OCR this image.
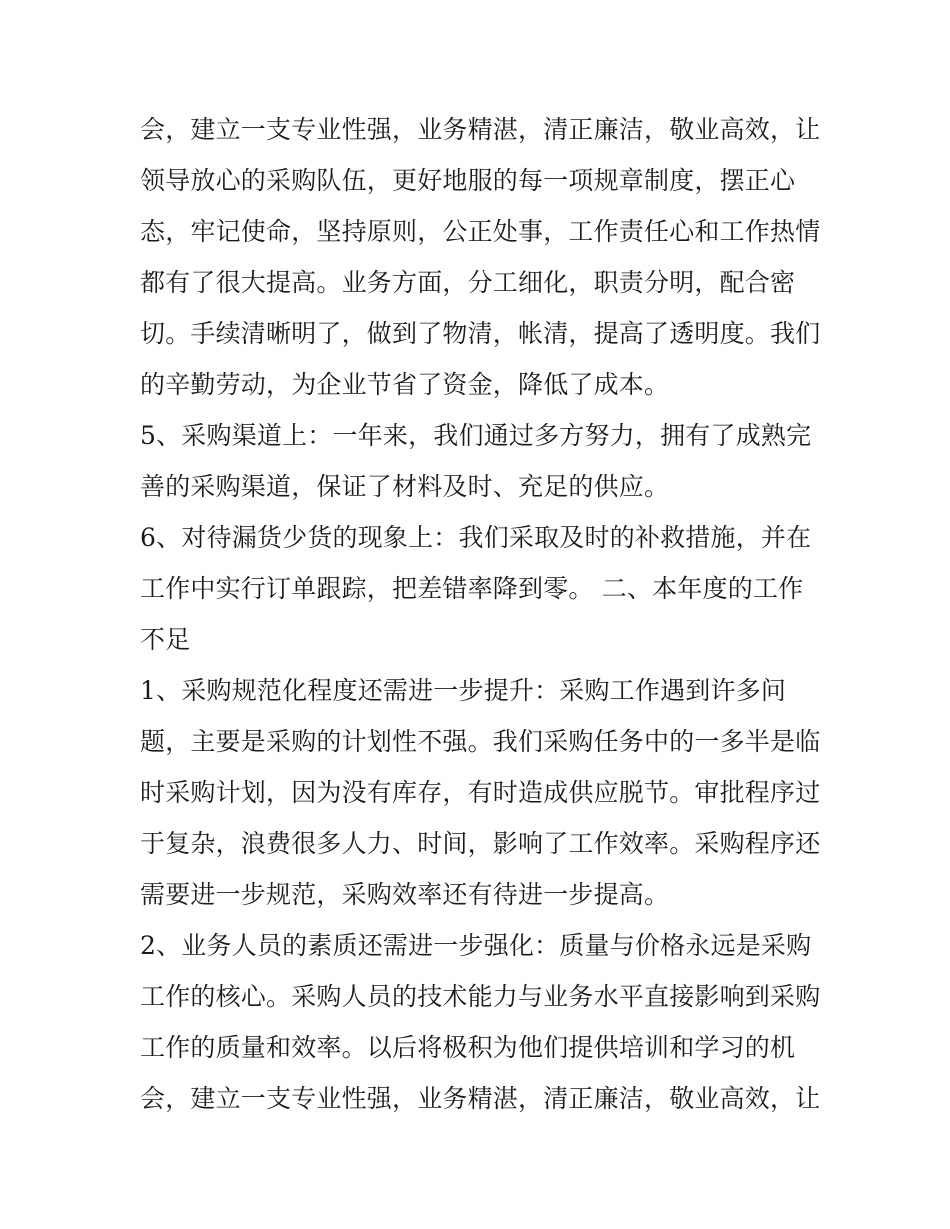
会，建立一支专业性强，业务精湛，清正廉洁，敬业高效，让
领导放心的采购队伍，更好地服的每一项规章制度，摆正心
态，牢记使命，坚持原则，公正处事，工作责任心和工作热情
都有了很大提高。业务方面，分工细化，职责分明，配合密
切。手续清晰明了，做到了物清，帐清，提高了透明度。我们
的辛勤劳动，为企业节省了资金，降低了成本。
5、采购渠道上：一年来，我们通过多方努力，拥有了成熟完
善的采购渠道，保证了材料及时、充足的供应。
6、对待漏货少货的现象上：我们采取及时的补救措施，并在
工作中实行订单跟踪，把差错率降到零。 二、本年度的工作
不足
1、采购规范化程度还需进一步提升：采购工作遇到许多问
题，主要是采购的计划性不强。我们采购任务中的一多半是临
时采购计划，因为没有库存，有时造成供应脱节。审批程序过
于复杂，浪费很多人力、时间，影响了工作效率。采购程序还
需要进一步规范，采购效率还有待进一步提高。
2、业务人员的素质还需进一步强化：质量与价格永远是采购
工作的核心。采购人员的技术能力与业务水平直接影响到采购
工作的质量和效率。以后将极积为他们提供培训和学习的机
会，建立一支专业性强，业务精湛，清正廉洁，敬业高效，让
